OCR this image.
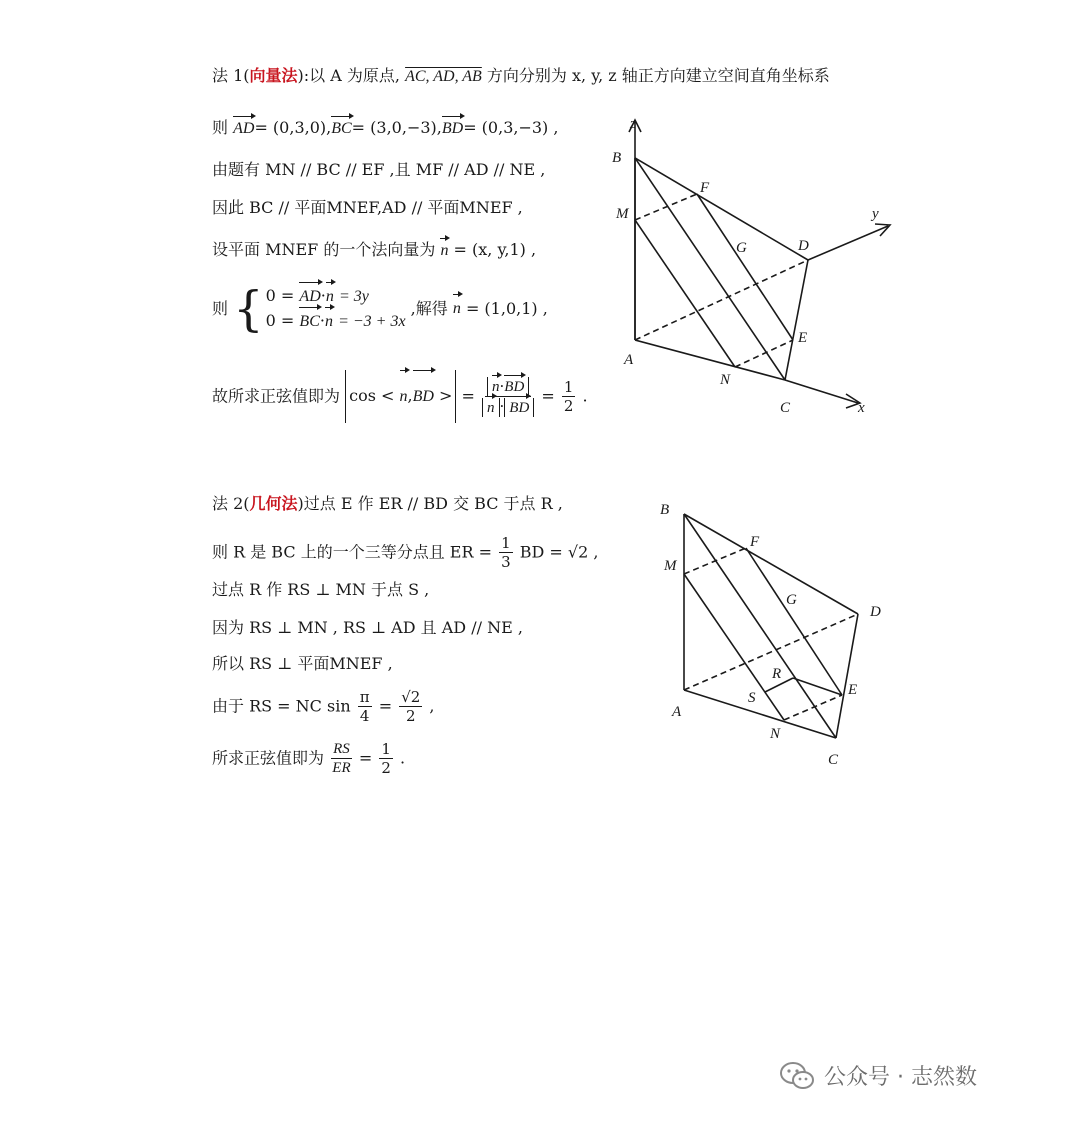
法 1(向量法):以 A 为原点, AC, AD, AB 方向分别为 x, y, z 轴正方向建立空间直角坐标系
则 AD= (0,3,0),BC= (3,0,−3),BD= (0,3,−3) ,
由题有 MN // BC // EF ,且 MF // AD // NE ,
因此 BC // 平面MNEF,AD // 平面MNEF ,
设平面 MNEF 的一个法向量为 n = (x, y,1) ,
则 { 0 = AD·n = 3y
0 = BC·n = −3 + 3x
,解得 n = (1,0,1) ,
故所求正弦值即为 cos < n,BD > = $\frac{n\cdot BD}{n \cdot BD} = \frac{1}{2}$ .
z
y
x
B
F
M
G	D
E
A
N
C
法 2(几何法)过点 E 作 ER // BD 交 BC 于点 R ,
则 R 是 BC 上的一个三等分点且 ER = $\frac{1}{3}$ BD = √2 ,
过点 R 作 RS ⊥ MN 于点 S ,
因为 RS ⊥ MN , RS ⊥ AD 且 AD // NE ,
所以 RS ⊥ 平面MNEF ,
由于 RS = NC $\sin \frac{\pi}{4} = \frac{√2}{2}$ ,
所求正弦值即为 $\frac{RS}{ER} = \frac{1}{2}$ .
B
F
M
G
D
R
S	E
A
N
C
公众号 · 志然数
